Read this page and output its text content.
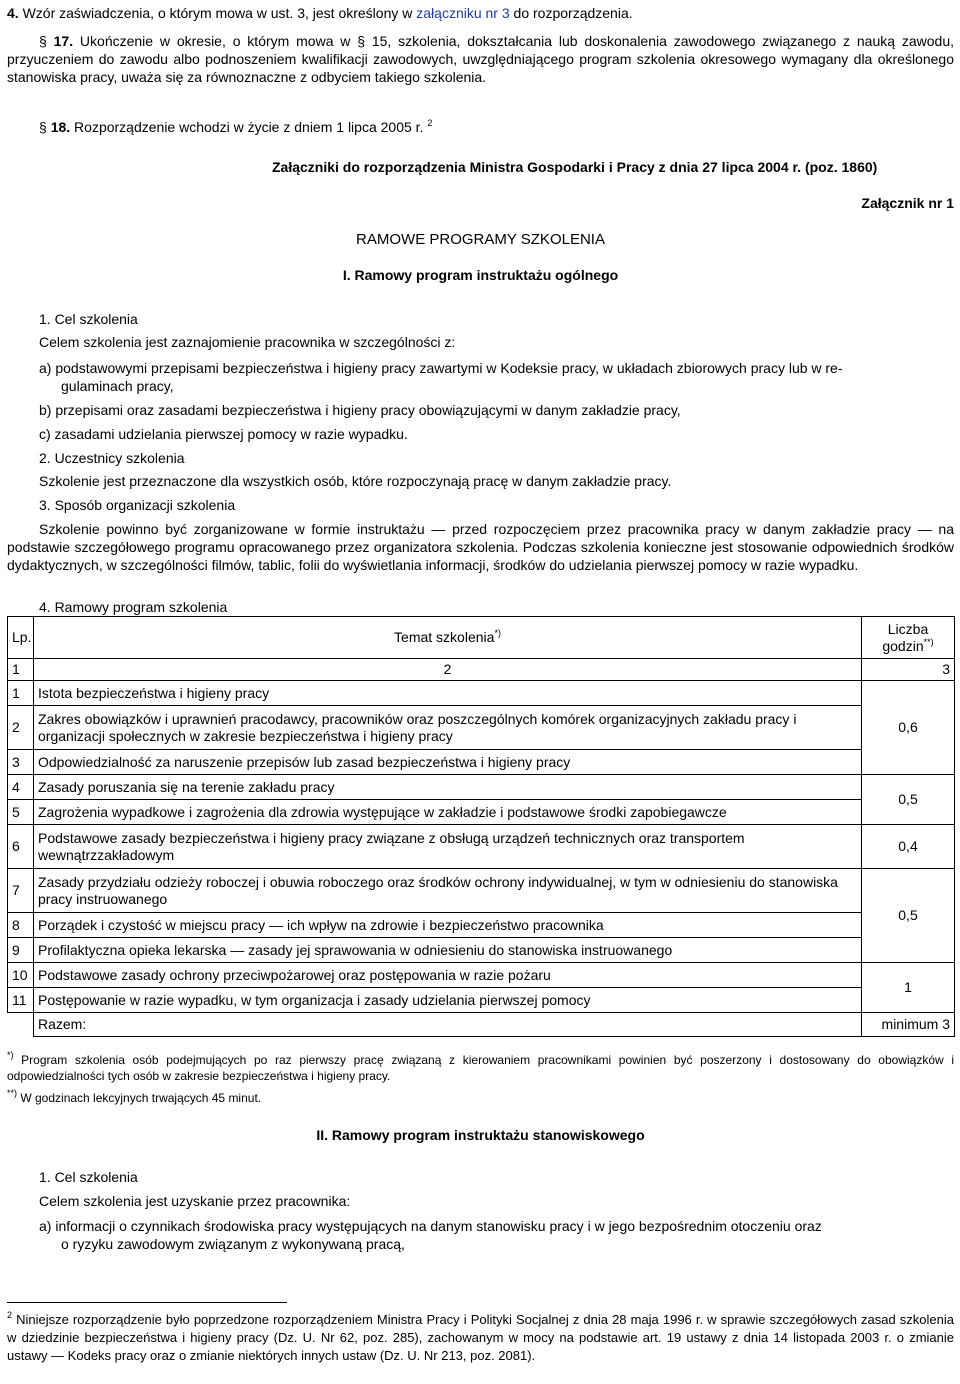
4. Wzór zaświadczenia, o którym mowa w ust. 3, jest określony w załączniku nr 3 do rozporządzenia.

§ 17. Ukończenie w okresie, o którym mowa w § 15, szkolenia, dokształcania lub doskonalenia zawodowego związanego z nauką zawodu, przyuczeniem do zawodu albo podnoszeniem kwalifikacji zawodowych, uwzględniającego program szkolenia okresowego wymagany dla określonego stanowiska pracy, uważa się za równoznaczne z odbyciem takiego szkolenia.

§ 18. Rozporządzenie wchodzi w życie z dniem 1 lipca 2005 r. $^2$

Załączniki do rozporządzenia Ministra Gospodarki i Pracy z dnia 27 lipca 2004 r. (poz. 1860)

Załącznik nr 1

RAMOWE PROGRAMY SZKOLENIA

I. Ramowy program instruktażu ogólnego

1. Cel szkolenia

Celem szkolenia jest zaznajomienie pracownika w szczególności z:

a) podstawowymi przepisami bezpieczeństwa i higieny pracy zawartymi w Kodeksie pracy, w układach zbiorowych pracy lub w re-
gulaminach pracy,

b) przepisami oraz zasadami bezpieczeństwa i higieny pracy obowiązującymi w danym zakładzie pracy,

c) zasadami udzielania pierwszej pomocy w razie wypadku.

2. Uczestnicy szkolenia

Szkolenie jest przeznaczone dla wszystkich osób, które rozpoczynają pracę w danym zakładzie pracy.

3. Sposób organizacji szkolenia

Szkolenie powinno być zorganizowane w formie instruktażu — przed rozpoczęciem przez pracownika pracy w danym zakładzie pracy — na podstawie szczegółowego programu opracowanego przez organizatora szkolenia. Podczas szkolenia konieczne jest stosowanie odpowiednich środków dydaktycznych, w szczególności filmów, tablic, folii do wyświetlania informacji, środków do udzielania pierwszej pomocy w razie wypadku.

4. Ramowy program szkolenia

Lp.	Temat szkolenia*)	Liczba
godzin**)
1	2	3
1	Istota bezpieczeństwa i higieny pracy	0,6
2	Zakres obowiązków i uprawnień pracodawcy, pracowników oraz poszczególnych komórek organizacyjnych zakładu pracy i organizacji społecznych w zakresie bezpieczeństwa i higieny pracy	
3	Odpowiedzialność za naruszenie przepisów lub zasad bezpieczeństwa i higieny pracy	
4	Zasady poruszania się na terenie zakładu pracy	0,5
5	Zagrożenia wypadkowe i zagrożenia dla zdrowia występujące w zakładzie i podstawowe środki zapobiegawcze	
6	Podstawowe zasady bezpieczeństwa i higieny pracy związane z obsługą urządzeń technicznych oraz transportem wewnątrzzakładowym	0,4
7	Zasady przydziału odzieży roboczej i obuwia roboczego oraz środków ochrony indywidualnej, w tym w odniesieniu do stanowiska pracy instruowanego	0,5
8	Porządek i czystość w miejscu pracy — ich wpływ na zdrowie i bezpieczeństwo pracownika	
9	Profilaktyczna opieka lekarska — zasady jej sprawowania w odniesieniu do stanowiska instruowanego	
10	Podstawowe zasady ochrony przeciwpożarowej oraz postępowania w razie pożaru	1
11	Postępowanie w razie wypadku, w tym organizacja i zasady udzielania pierwszej pomocy	
	Razem:	minimum 3

*) Program szkolenia osób podejmujących po raz pierwszy pracę związaną z kierowaniem pracownikami powinien być poszerzony i dostosowany do obowiązków i odpowiedzialności tych osób w zakresie bezpieczeństwa i higieny pracy.

**) W godzinach lekcyjnych trwających 45 minut.

II. Ramowy program instruktażu stanowiskowego

1. Cel szkolenia

Celem szkolenia jest uzyskanie przez pracownika:

a) informacji o czynnikach środowiska pracy występujących na danym stanowisku pracy i w jego bezpośrednim otoczeniu oraz
o ryzyku zawodowym związanym z wykonywaną pracą,

$^2$ Niniejsze rozporządzenie było poprzedzone rozporządzeniem Ministra Pracy i Polityki Socjalnej z dnia 28 maja 1996 r. w sprawie szczegółowych zasad szkolenia w dziedzinie bezpieczeństwa i higieny pracy (Dz. U. Nr 62, poz. 285), zachowanym w mocy na podstawie art. 19 ustawy z dnia 14 listopada 2003 r. o zmianie ustawy — Kodeks pracy oraz o zmianie niektórych innych ustaw (Dz. U. Nr 213, poz. 2081).
